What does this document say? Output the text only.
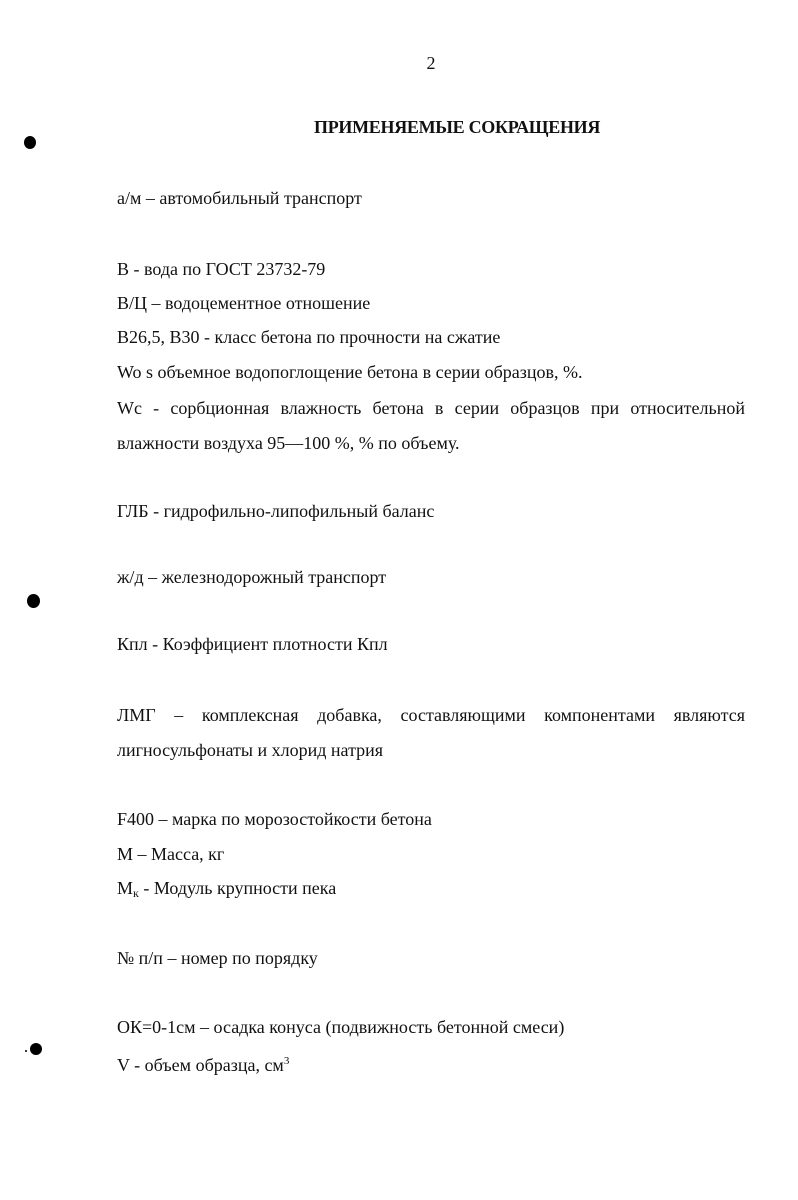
2
ПРИМЕНЯЕМЫЕ СОКРАЩЕНИЯ
а/м – автомобильный транспорт
В - вода по ГОСТ 23732-79
В/Ц – водоцементное отношение
В26,5, В30 - класс бетона по прочности на сжатие
Wo s объемное водопоглощение бетона в серии образцов, %.
Wc - сорбционная влажность бетона в серии образцов при относительной
влажности воздуха 95—100 %, % по объему.
ГЛБ - гидрофильно-липофильный баланс
ж/д – железнодорожный транспорт
Кпл - Коэффициент плотности Кпл
ЛМГ – комплексная добавка, составляющими компонентами являются
лигносульфонаты и хлорид натрия
F400 – марка по морозостойкости бетона
М – Масса, кг
$М_к$ - Модуль крупности пека
№ п/п – номер по порядку
ОК=0-1см – осадка конуса (подвижность бетонной смеси)
V - объем образца, $см^3$
